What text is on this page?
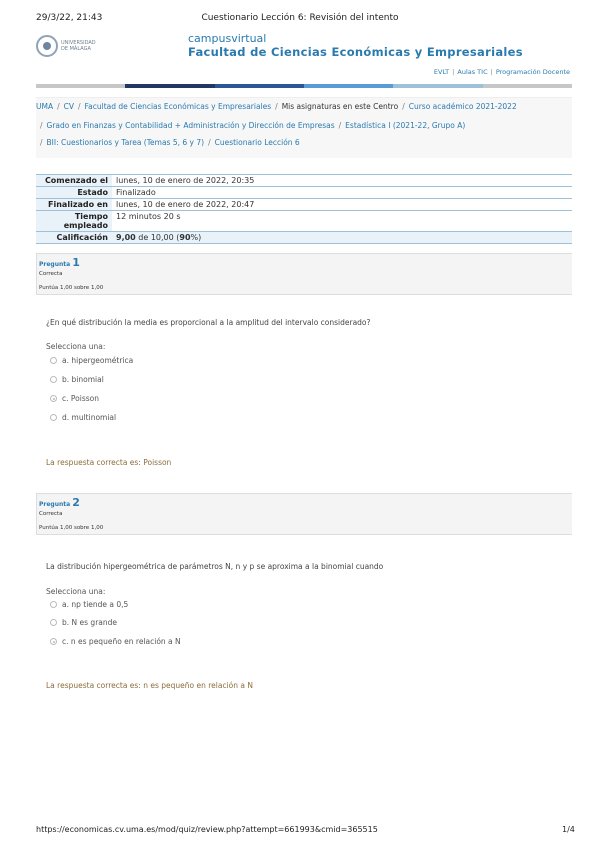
29/3/22, 21:43	Cuestionario Lección 6: Revisión del intento
UNIVERSIDAD
DE MÁLAGA
campusvirtual
Facultad de Ciencias Económicas y Empresariales
EVLT | Aulas TIC | Programación Docente
UMA / CV / Facultad de Ciencias Económicas y Empresariales / Mis asignaturas en este Centro / Curso académico 2021-2022
/ Grado en Finanzas y Contabilidad + Administración y Dirección de Empresas / Estadística I (2021-22, Grupo A)
/ BII: Cuestionarios y Tarea (Temas 5, 6 y 7) / Cuestionario Lección 6
Comenzado el	lunes, 10 de enero de 2022, 20:35
Estado	Finalizado
Finalizado en	lunes, 10 de enero de 2022, 20:47
Tiempo empleado	12 minutos 20 s
Calificación	9,00 de 10,00 (90%)
Pregunta 1
Correcta
Puntúa 1,00 sobre 1,00
¿En qué distribución la media es proporcional a la amplitud del intervalo considerado?
Selecciona una:
a. hipergeométrica
b. binomial
c. Poisson
d. multinomial
La respuesta correcta es: Poisson
Pregunta 2
Correcta
Puntúa 1,00 sobre 1,00
La distribución hipergeométrica de parámetros N, n y p se aproxima a la binomial cuando
Selecciona una:
a. np tiende a 0,5
b. N es grande
c. n es pequeño en relación a N
La respuesta correcta es: n es pequeño en relación a N
https://economicas.cv.uma.es/mod/quiz/review.php?attempt=661993&cmid=365515	1/4
